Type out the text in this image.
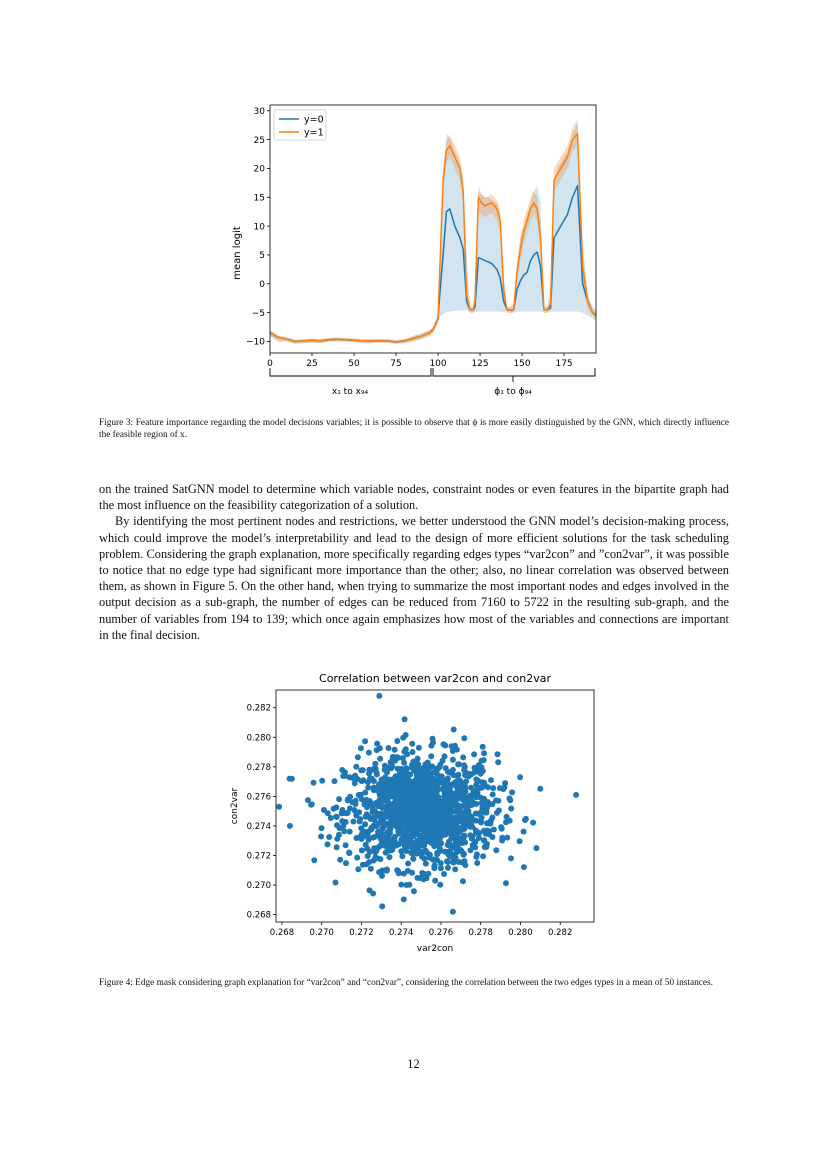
−10
−5
0
5
10
15
20
25
30
0	25	50	75	100	125	150	175
mean logit
y=0
y=1
x₁ to x₉₄	ϕ₁ to ϕ₉₄
Figure 3: Feature importance regarding the model decisions variables; it is possible to observe that ϕ is more easily distinguished by the GNN, which directly influence the feasible region of x.

on the trained SatGNN model to determine which variable nodes, constraint nodes or even features in the bipartite graph had the most influence on the feasibility categorization of a solution.

By identifying the most pertinent nodes and restrictions, we better understood the GNN model’s decision-making process, which could improve the model’s interpretability and lead to the design of more efficient solutions for the task scheduling problem. Considering the graph explanation, more specifically regarding edges types “var2con” and ”con2var”, it was possible to notice that no edge type had significant more importance than the other; also, no linear correlation was observed between them, as shown in Figure 5. On the other hand, when trying to summarize the most important nodes and edges involved in the output decision as a sub-graph, the number of edges can be reduced from 7160 to 5722 in the resulting sub-graph, and the number of variables from 194 to 139; which once again emphasizes how most of the variables and connections are important in the final decision.

Correlation between var2con and con2var
0.268
0.270
0.272
0.274
0.276
0.278
0.280
0.282
0.268 0.270 0.272 0.274 0.276 0.278 0.280 0.282
var2con
con2var
Figure 4: Edge mask considering graph explanation for “var2con” and “con2var”, considering the correlation between the two edges types in a mean of 50 instances.
12
